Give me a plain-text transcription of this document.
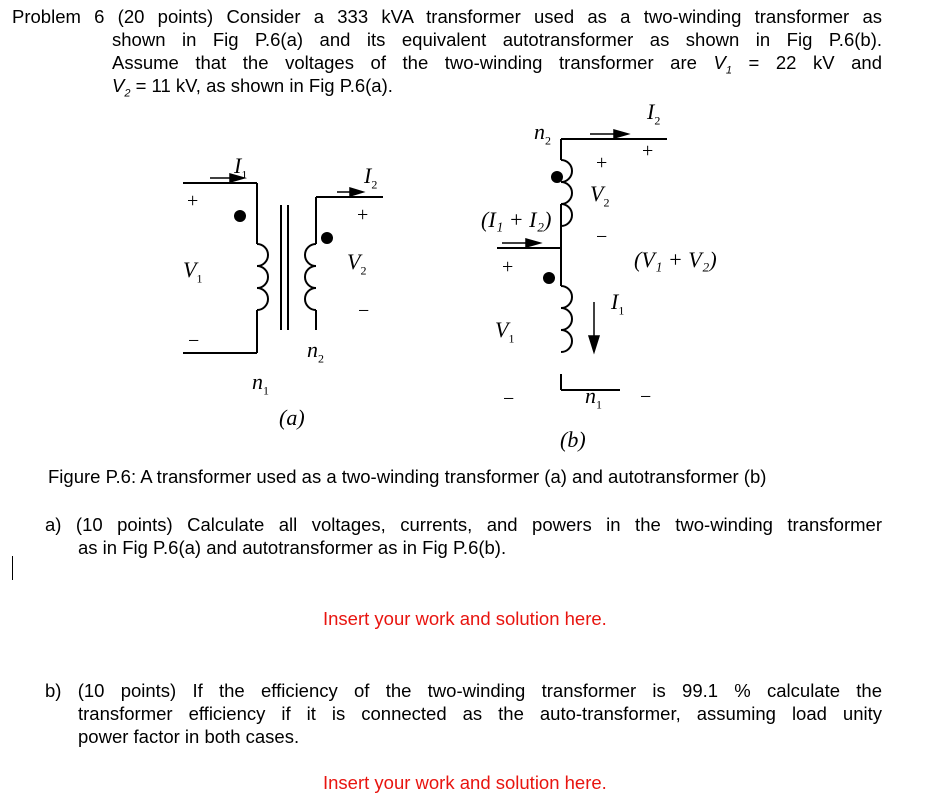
Problem 6 (20 points) Consider a 333 kVA transformer used as a two-winding transformer as
shown in Fig P.6(a) and its equivalent autotransformer as shown in Fig P.6(b).
Assume that the voltages of the two-winding transformer are $V_1 = 22$ kV and
$V_2 = 11$ kV, as shown in Fig P.6(a).
$I_1$	$I_2$
+
−
$V_1$
+
$V_2$
−
$n_2$
$n_1$
(a)
$n_2$
$I_2$
+
+
$V_2$
−
(I₁ + I₂)
(V₁ + V₂)
+
$V_1$
$I_1$
−	$n_1$ −
(b)
Figure P.6: A transformer used as a two-winding transformer (a) and autotransformer (b)
a) (10 points) Calculate all voltages, currents, and powers in the two-winding transformer
as in Fig P.6(a) and autotransformer as in Fig P.6(b).
Insert your work and solution here.
b) (10 points) If the efficiency of the two-winding transformer is 99.1 % calculate the
transformer efficiency if it is connected as the auto-transformer, assuming load unity
power factor in both cases.
Insert your work and solution here.
